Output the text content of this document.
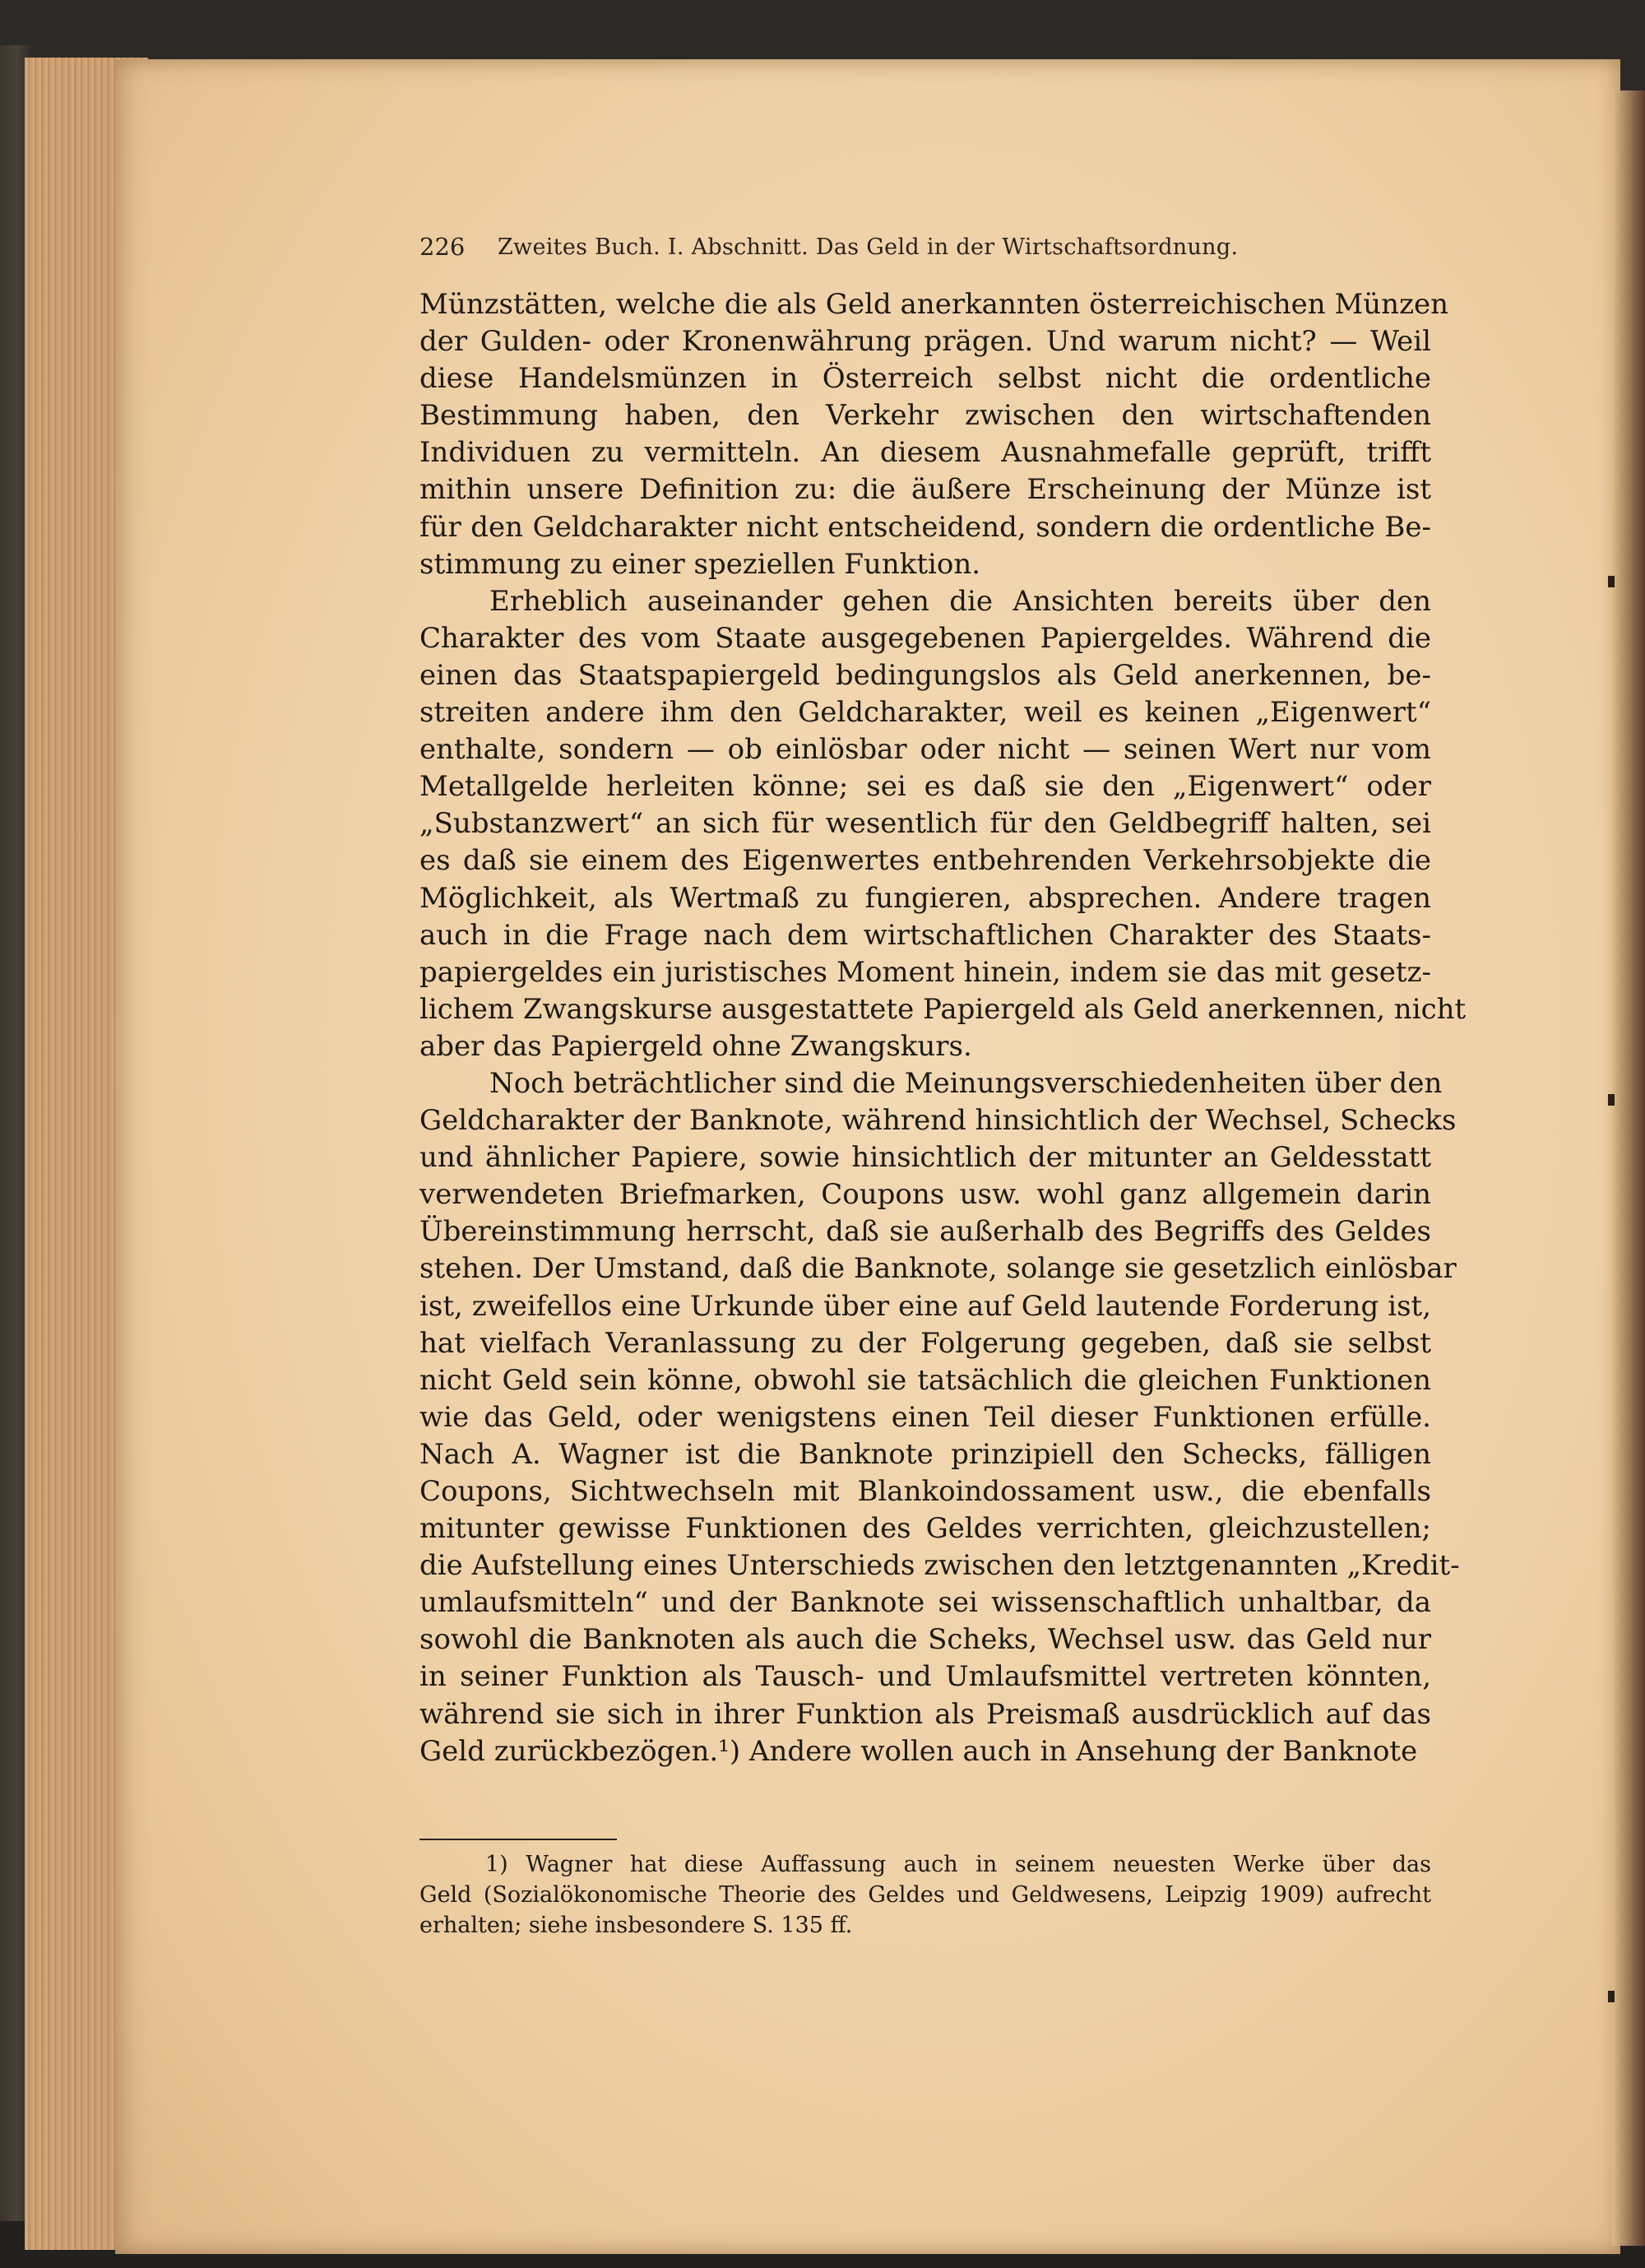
226 Zweites Buch. I. Abschnitt. Das Geld in der Wirtschaftsordnung.
Münzstätten, welche die als Geld anerkannten österreichischen Münzen
der Gulden- oder Kronenwährung prägen. Und warum nicht? — Weil
diese Handelsmünzen in Österreich selbst nicht die ordentliche
Bestimmung haben, den Verkehr zwischen den wirtschaftenden
Individuen zu vermitteln. An diesem Ausnahmefalle geprüft, trifft
mithin unsere Definition zu: die äußere Erscheinung der Münze ist
für den Geldcharakter nicht entscheidend, sondern die ordentliche Be-
stimmung zu einer speziellen Funktion.
Erheblich auseinander gehen die Ansichten bereits über den
Charakter des vom Staate ausgegebenen Papiergeldes. Während die
einen das Staatspapiergeld bedingungslos als Geld anerkennen, be-
streiten andere ihm den Geldcharakter, weil es keinen „Eigenwert“
enthalte, sondern — ob einlösbar oder nicht — seinen Wert nur vom
Metallgelde herleiten könne; sei es daß sie den „Eigenwert“ oder
„Substanzwert“ an sich für wesentlich für den Geldbegriff halten, sei
es daß sie einem des Eigenwertes entbehrenden Verkehrsobjekte die
Möglichkeit, als Wertmaß zu fungieren, absprechen. Andere tragen
auch in die Frage nach dem wirtschaftlichen Charakter des Staats-
papiergeldes ein juristisches Moment hinein, indem sie das mit gesetz-
lichem Zwangskurse ausgestattete Papiergeld als Geld anerkennen, nicht
aber das Papiergeld ohne Zwangskurs.
Noch beträchtlicher sind die Meinungsverschiedenheiten über den
Geldcharakter der Banknote, während hinsichtlich der Wechsel, Schecks
und ähnlicher Papiere, sowie hinsichtlich der mitunter an Geldesstatt
verwendeten Briefmarken, Coupons usw. wohl ganz allgemein darin
Übereinstimmung herrscht, daß sie außerhalb des Begriffs des Geldes
stehen. Der Umstand, daß die Banknote, solange sie gesetzlich einlösbar
ist, zweifellos eine Urkunde über eine auf Geld lautende Forderung ist,
hat vielfach Veranlassung zu der Folgerung gegeben, daß sie selbst
nicht Geld sein könne, obwohl sie tatsächlich die gleichen Funktionen
wie das Geld, oder wenigstens einen Teil dieser Funktionen erfülle.
Nach A. Wagner ist die Banknote prinzipiell den Schecks, fälligen
Coupons, Sichtwechseln mit Blankoindossament usw., die ebenfalls
mitunter gewisse Funktionen des Geldes verrichten, gleichzustellen;
die Aufstellung eines Unterschieds zwischen den letztgenannten „Kredit-
umlaufsmitteln“ und der Banknote sei wissenschaftlich unhaltbar, da
sowohl die Banknoten als auch die Scheks, Wechsel usw. das Geld nur
in seiner Funktion als Tausch- und Umlaufsmittel vertreten könnten,
während sie sich in ihrer Funktion als Preismaß ausdrücklich auf das
Geld zurückbezögen.¹) Andere wollen auch in Ansehung der Banknote
1) Wagner hat diese Auffassung auch in seinem neuesten Werke über das
Geld (Sozialökonomische Theorie des Geldes und Geldwesens, Leipzig 1909) aufrecht
erhalten; siehe insbesondere S. 135 ff.
